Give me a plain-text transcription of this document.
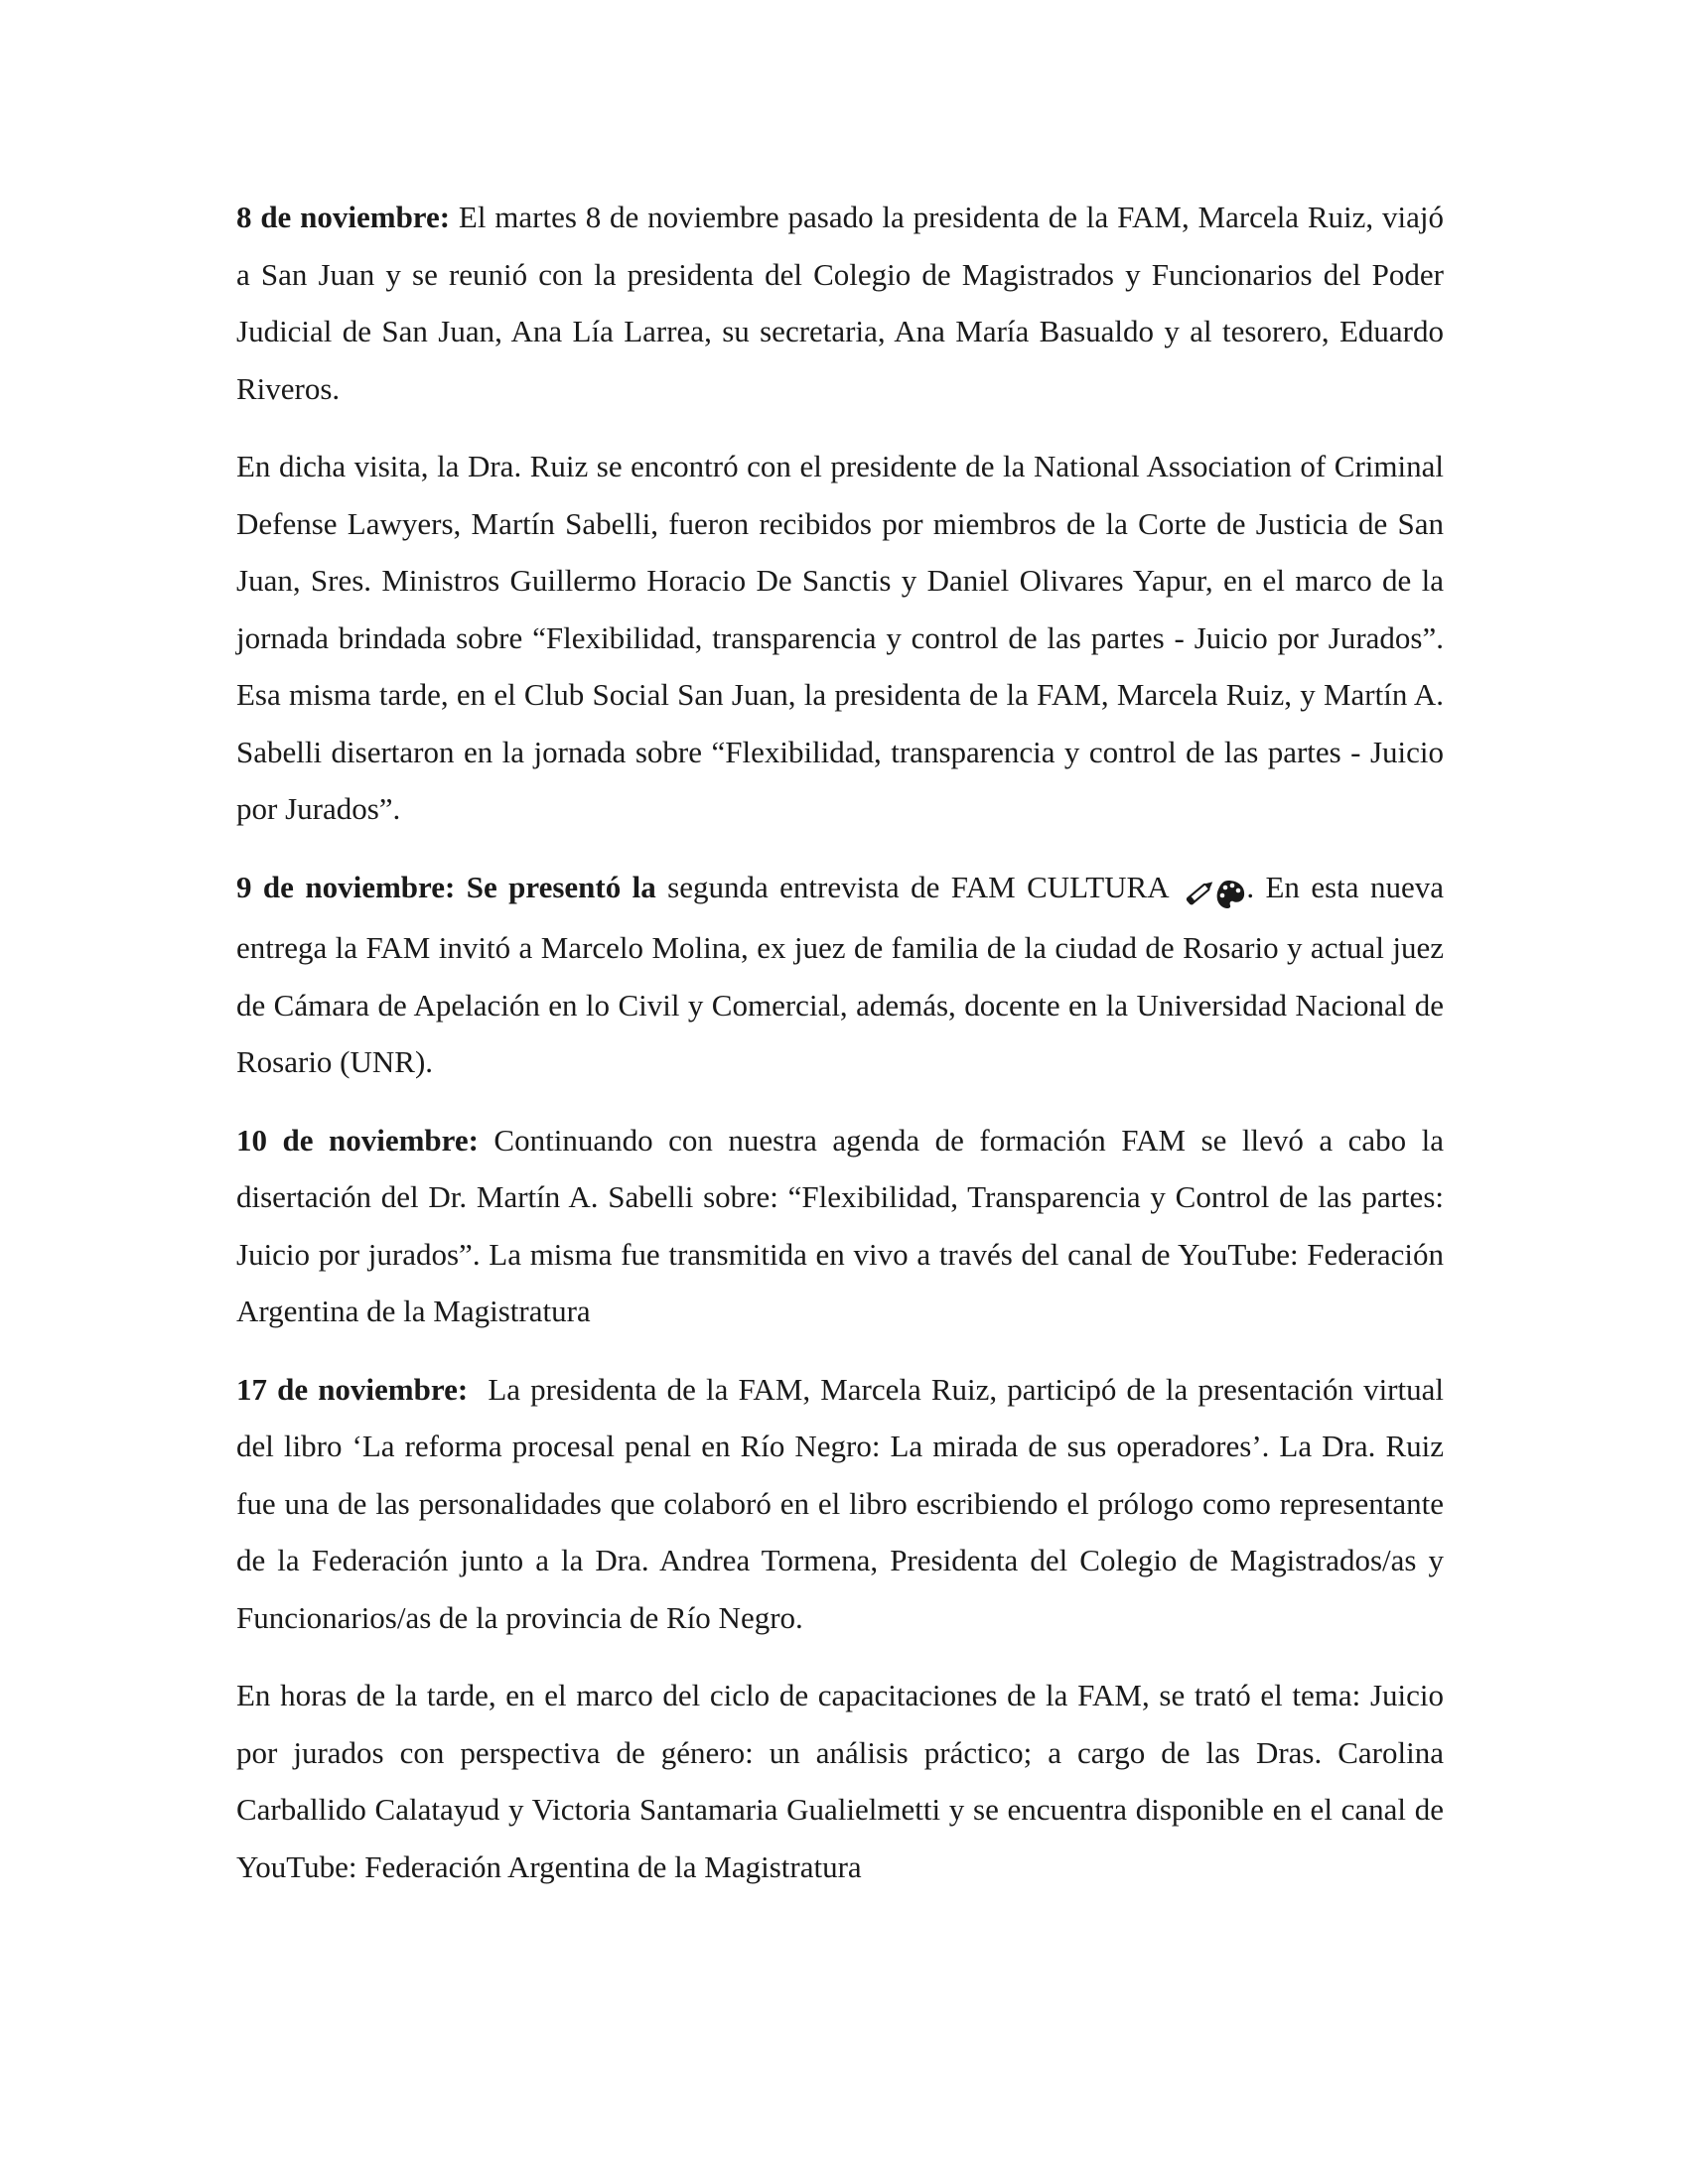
8 de noviembre: El martes 8 de noviembre pasado la presidenta de la FAM, Marcela Ruiz, viajó a San Juan y se reunió con la presidenta del Colegio de Magistrados y Funcionarios del Poder Judicial de San Juan, Ana Lía Larrea, su secretaria, Ana María Basualdo y al tesorero, Eduardo Riveros.

En dicha visita, la Dra. Ruiz se encontró con el presidente de la National Association of Criminal Defense Lawyers, Martín Sabelli, fueron recibidos por miembros de la Corte de Justicia de San Juan, Sres. Ministros Guillermo Horacio De Sanctis y Daniel Olivares Yapur, en el marco de la jornada brindada sobre “Flexibilidad, transparencia y control de las partes - Juicio por Jurados”. Esa misma tarde, en el Club Social San Juan, la presidenta de la FAM, Marcela Ruiz, y Martín A. Sabelli disertaron en la jornada sobre “Flexibilidad, transparencia y control de las partes - Juicio por Jurados”.

9 de noviembre: Se presentó la segunda entrevista de FAM CULTURA . En esta nueva entrega la FAM invitó a Marcelo Molina, ex juez de familia de la ciudad de Rosario y actual juez de Cámara de Apelación en lo Civil y Comercial, además, docente en la Universidad Nacional de Rosario (UNR).

10 de noviembre: Continuando con nuestra agenda de formación FAM se llevó a cabo la disertación del Dr. Martín A. Sabelli sobre: “Flexibilidad, Transparencia y Control de las partes: Juicio por jurados”. La misma fue transmitida en vivo a través del canal de YouTube: Federación Argentina de la Magistratura

17 de noviembre:  La presidenta de la FAM, Marcela Ruiz, participó de la presentación virtual del libro ‘La reforma procesal penal en Río Negro: La mirada de sus operadores’. La Dra. Ruiz fue una de las personalidades que colaboró en el libro escribiendo el prólogo como representante de la Federación junto a la Dra. Andrea Tormena, Presidenta del Colegio de Magistrados/as y Funcionarios/as de la provincia de Río Negro.

En horas de la tarde, en el marco del ciclo de capacitaciones de la FAM, se trató el tema: Juicio por jurados con perspectiva de género: un análisis práctico; a cargo de las Dras. Carolina Carballido Calatayud y Victoria Santamaria Gualielmetti y se encuentra disponible en el canal de YouTube: Federación Argentina de la Magistratura
